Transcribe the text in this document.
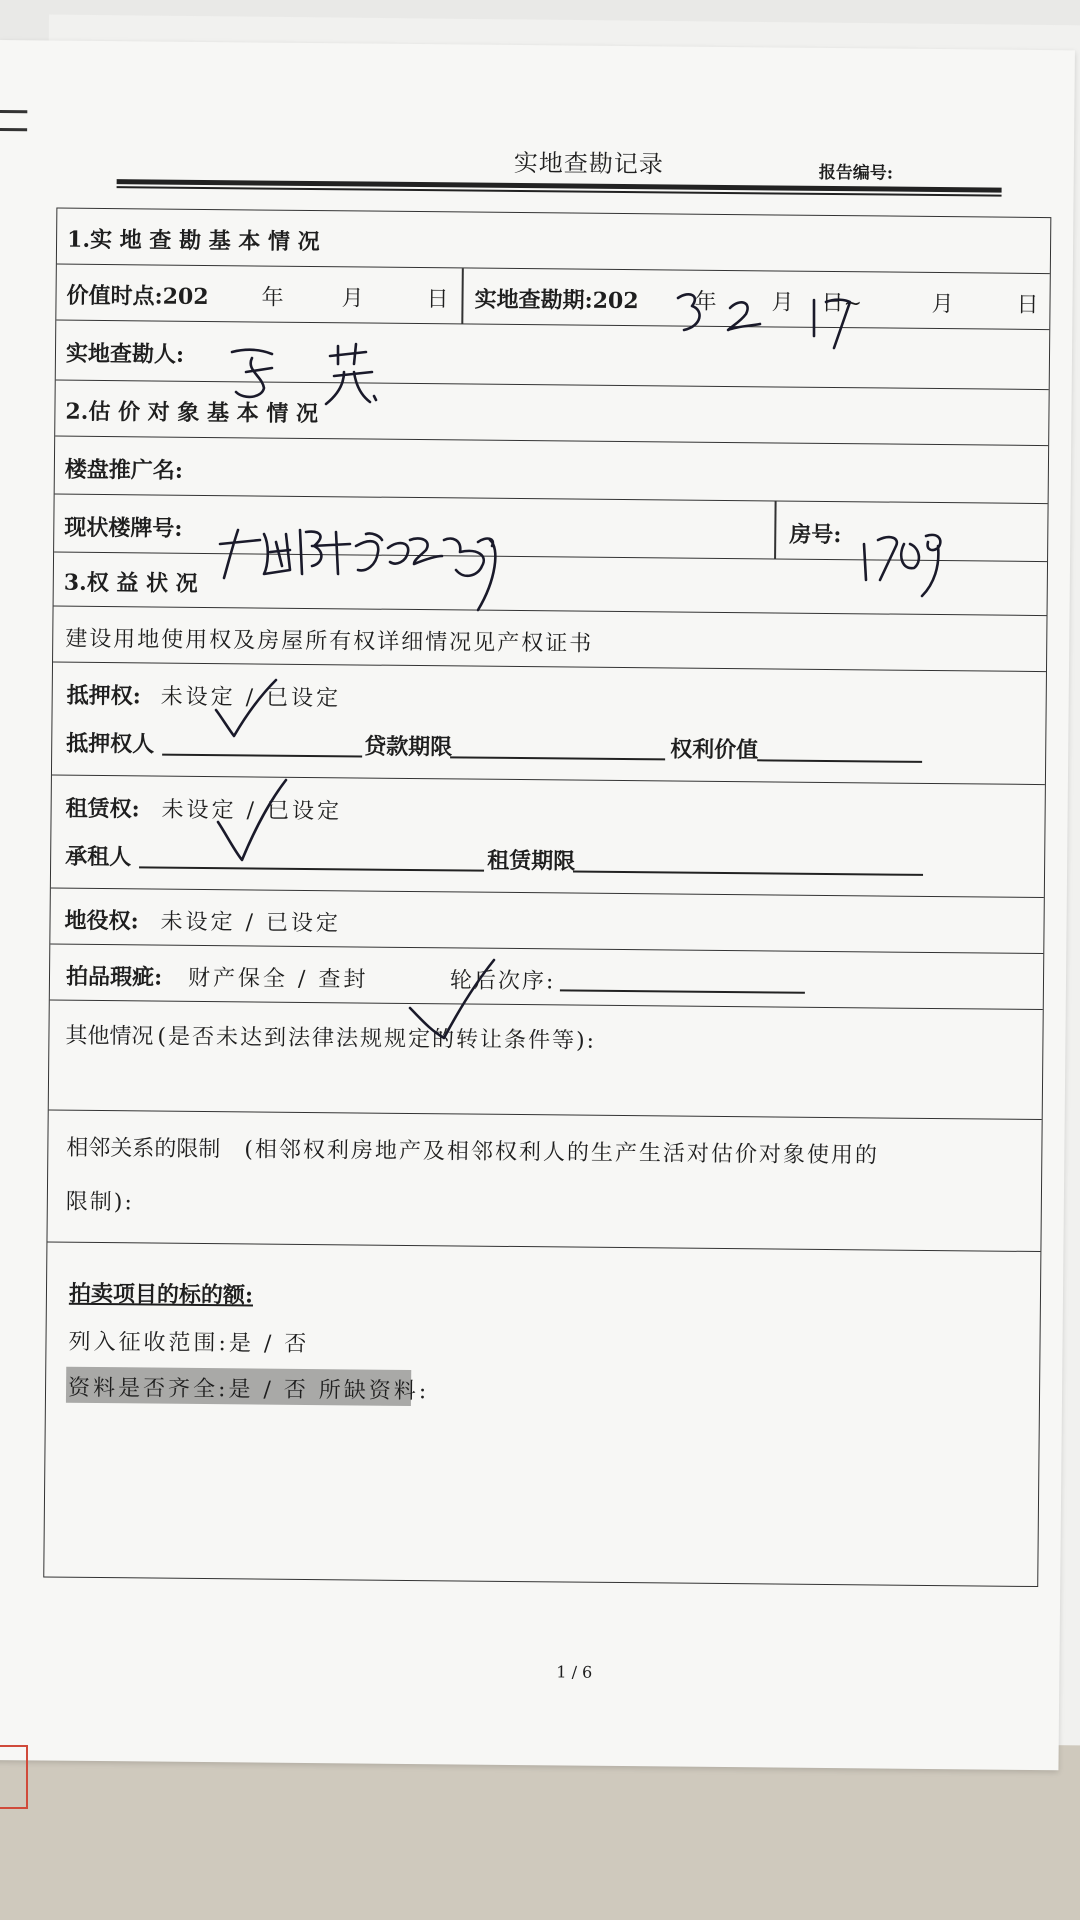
实地查勘记录	报告编号:
1.实 地 查 勘 基 本 情 况
价值时点:202 年	月	日 实地查勘期:202	年 月 日~	月	日
实地查勘人:
2.估 价 对 象 基 本 情 况
楼盘推广名:
现状楼牌号:	房号:
3.权 益 状 况
建设用地使用权及房屋所有权详细情况见产权证书
抵押权: 未设定 / 已设定
抵押权人	贷款期限	权利价值
租赁权: 未设定 / 已设定
承租人	租赁期限
地役权: 未设定 / 已设定
拍品瑕疵: 财产保全 / 查封	轮后次序:
其他情况 (是否未达到法律法规规定的转让条件等):
相邻关系的限制 (相邻权利房地产及相邻权利人的生产生活对估价对象使用的
限制):
拍卖项目的标的额:
列入征收范围:是 / 否
资料是否齐全:是 / 否 所缺资料:
1 / 6
